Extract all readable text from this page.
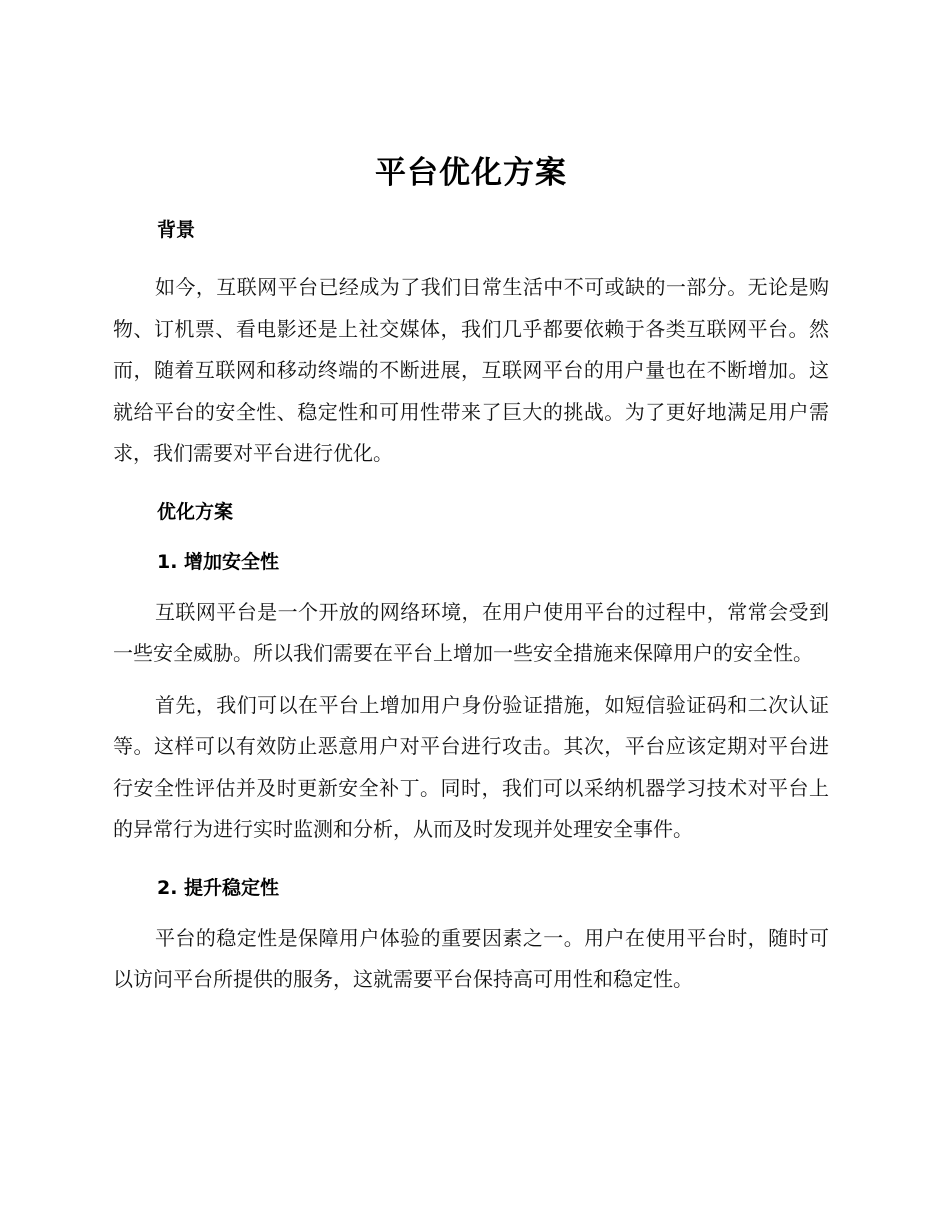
平台优化方案
背景

如今，互联网平台已经成为了我们日常生活中不可或缺的一部分。无论是购物、订机票、看电影还是上社交媒体，我们几乎都要依赖于各类互联网平台。然而，随着互联网和移动终端的不断进展，互联网平台的用户量也在不断增加。这就给平台的安全性、稳定性和可用性带来了巨大的挑战。为了更好地满足用户需求，我们需要对平台进行优化。

优化方案
1. 增加安全性

互联网平台是一个开放的网络环境，在用户使用平台的过程中，常常会受到一些安全威胁。所以我们需要在平台上增加一些安全措施来保障用户的安全性。

首先，我们可以在平台上增加用户身份验证措施，如短信验证码和二次认证等。这样可以有效防止恶意用户对平台进行攻击。其次，平台应该定期对平台进行安全性评估并及时更新安全补丁。同时，我们可以采纳机器学习技术对平台上的异常行为进行实时监测和分析，从而及时发现并处理安全事件。

2. 提升稳定性

平台的稳定性是保障用户体验的重要因素之一。用户在使用平台时，随时可以访问平台所提供的服务，这就需要平台保持高可用性和稳定性。
